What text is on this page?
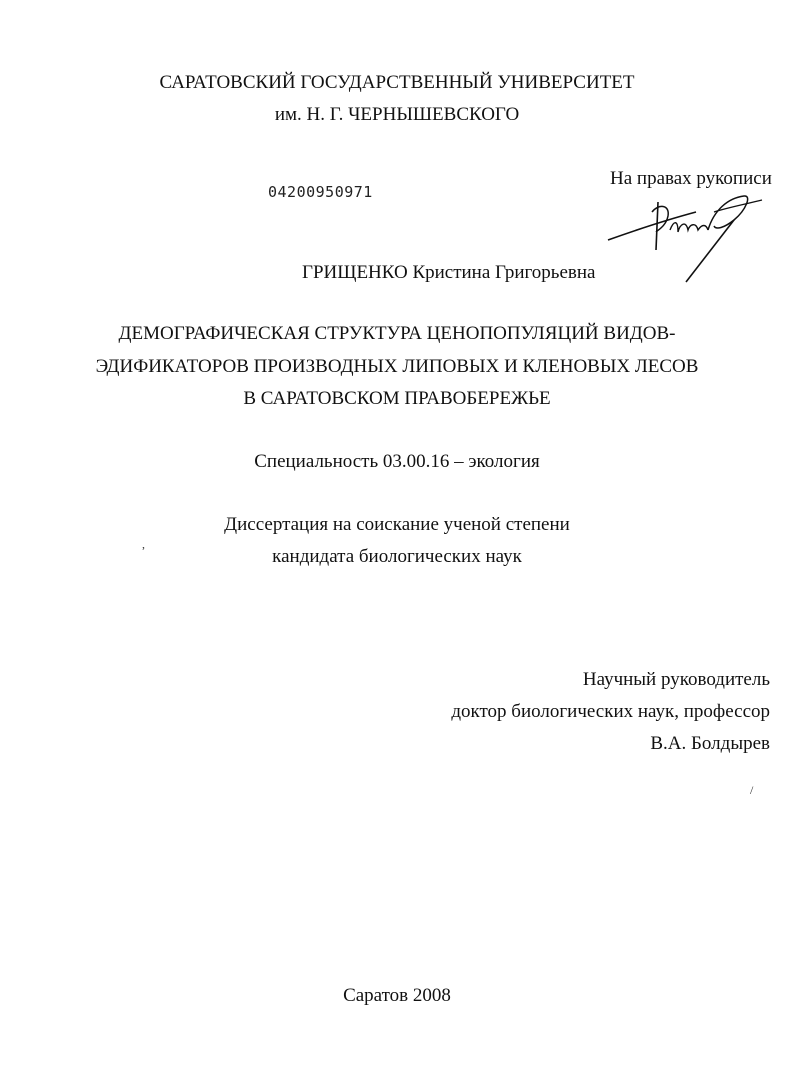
САРАТОВСКИЙ ГОСУДАРСТВЕННЫЙ УНИВЕРСИТЕТ
им. Н. Г. ЧЕРНЫШЕВСКОГО
04200950971
На правах рукописи
ГРИЩЕНКО Кристина Григорьевна
ДЕМОГРАФИЧЕСКАЯ СТРУКТУРА ЦЕНОПОПУЛЯЦИЙ ВИДОВ-
ЭДИФИКАТОРОВ ПРОИЗВОДНЫХ ЛИПОВЫХ И КЛЕНОВЫХ ЛЕСОВ
В САРАТОВСКОМ ПРАВОБЕРЕЖЬЕ
Специальность 03.00.16 – экология
Диссертация на соискание ученой степени
кандидата биологических наук
,
Научный руководитель
доктор биологических наук, профессор
В.А. Болдырев
/
Саратов 2008
